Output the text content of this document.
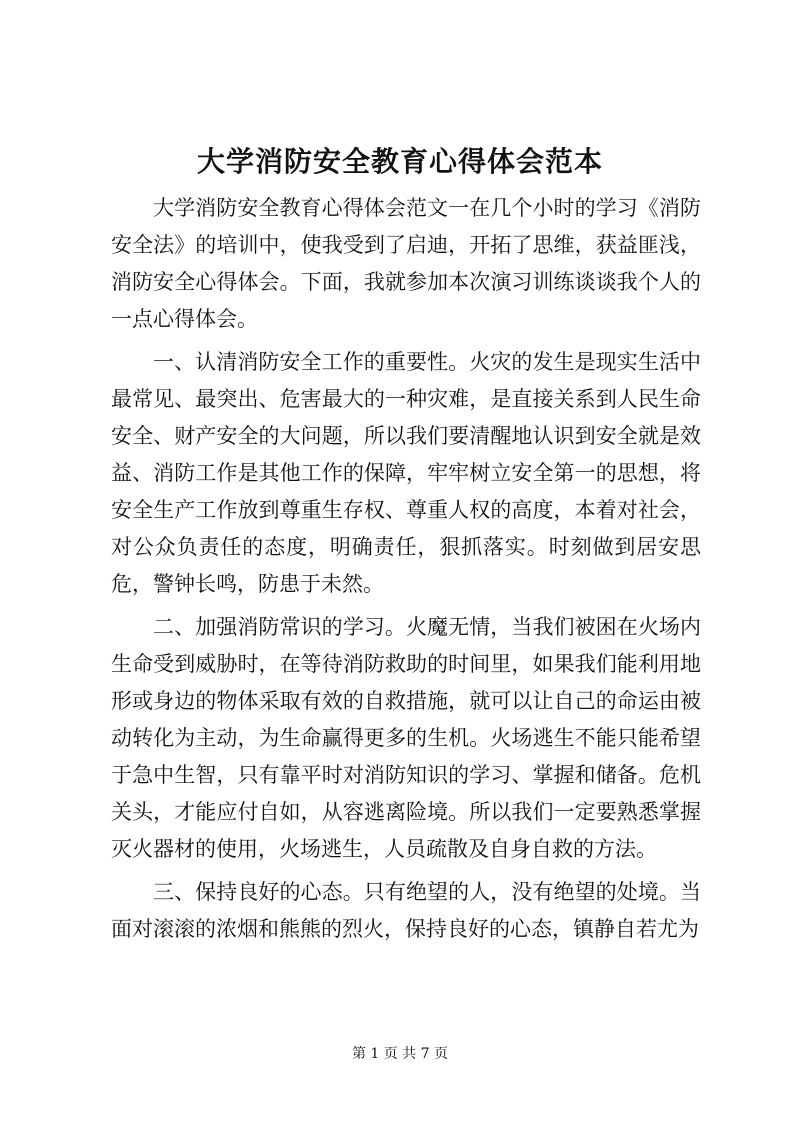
大学消防安全教育心得体会范本

大学消防安全教育心得体会范文一在几个小时的学习《消防安全法》的培训中，使我受到了启迪，开拓了思维，获益匪浅，消防安全心得体会。下面，我就参加本次演习训练谈谈我个人的一点心得体会。

一、认清消防安全工作的重要性。火灾的发生是现实生活中最常见、最突出、危害最大的一种灾难，是直接关系到人民生命安全、财产安全的大问题，所以我们要清醒地认识到安全就是效益、消防工作是其他工作的保障，牢牢树立安全第一的思想，将安全生产工作放到尊重生存权、尊重人权的高度，本着对社会，对公众负责任的态度，明确责任，狠抓落实。时刻做到居安思危，警钟长鸣，防患于未然。

二、加强消防常识的学习。火魔无情，当我们被困在火场内生命受到威胁时，在等待消防救助的时间里，如果我们能利用地形或身边的物体采取有效的自救措施，就可以让自己的命运由被动转化为主动，为生命赢得更多的生机。火场逃生不能只能希望于急中生智，只有靠平时对消防知识的学习、掌握和储备。危机关头，才能应付自如，从容逃离险境。所以我们一定要熟悉掌握灭火器材的使用，火场逃生，人员疏散及自身自救的方法。

三、保持良好的心态。只有绝望的人，没有绝望的处境。当面对滚滚的浓烟和熊熊的烈火，保持良好的心态，镇静自若尤为

第 1 页 共 7 页
